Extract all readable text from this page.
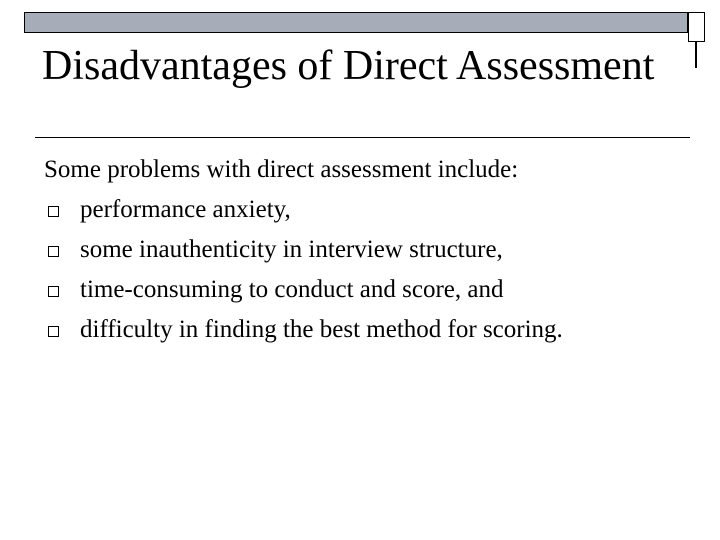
Disadvantages of Direct Assessment

Some problems with direct assessment include:

performance anxiety,
some inauthenticity in interview structure,
time-consuming to conduct and score, and
difficulty in finding the best method for scoring.
